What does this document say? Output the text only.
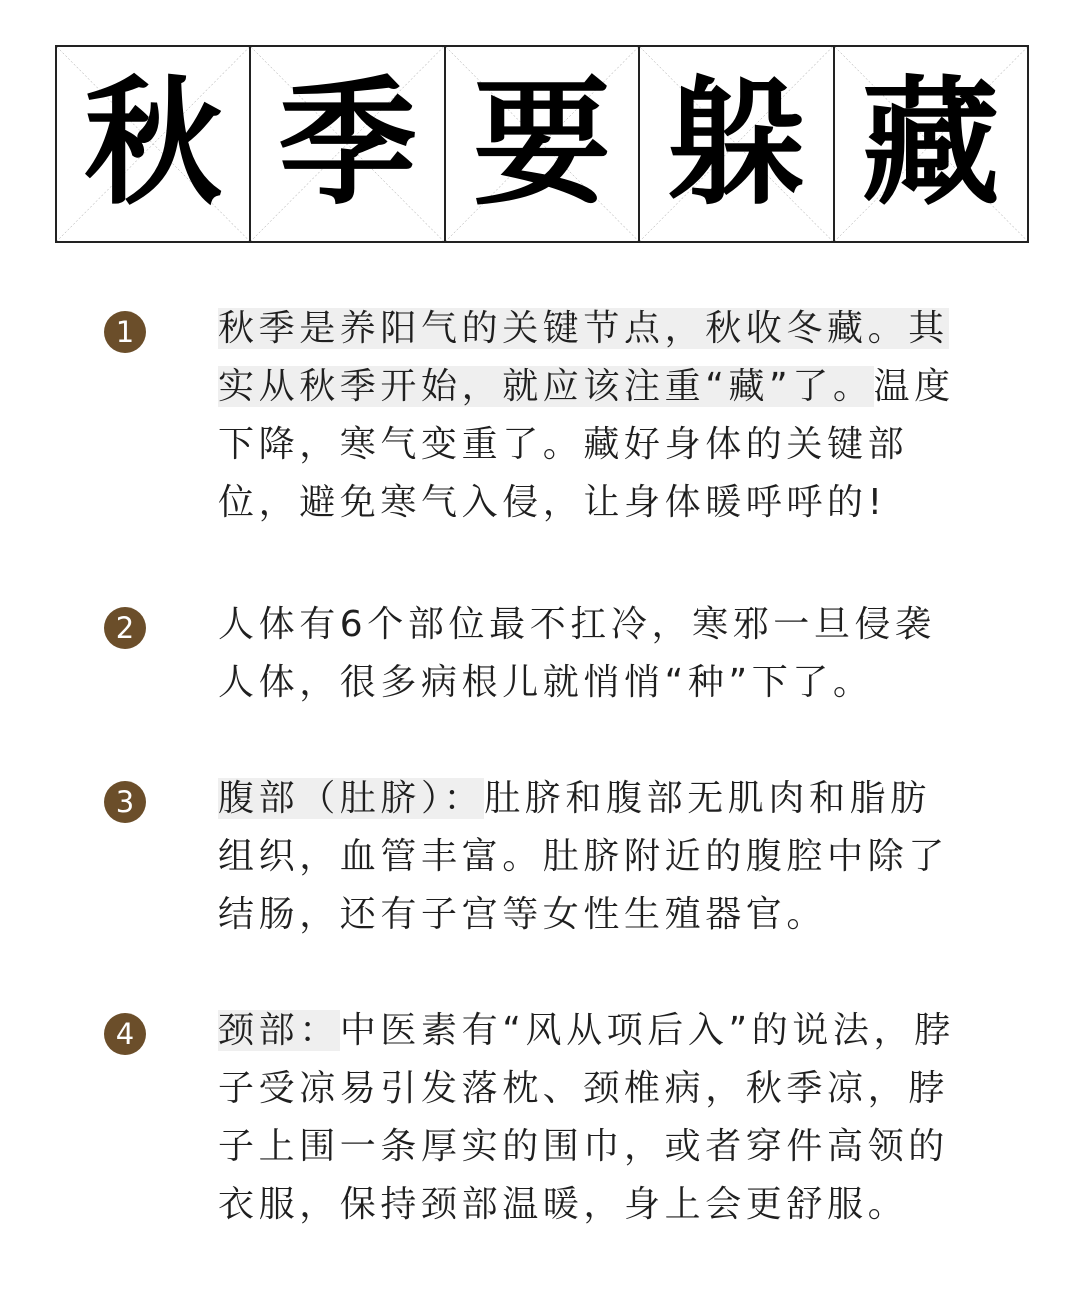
秋 季 要 躲 藏
1	秋季是养阳气的关键节点，秋收冬藏。其实从秋季开始，就应该注重“藏”了。温度下降，寒气变重了。藏好身体的关键部位，避免寒气入侵，让身体暖呼呼的!

2	人体有6个部位最不扛冷，寒邪一旦侵袭人体，很多病根儿就悄悄“种”下了。

3	腹部（肚脐）：肚脐和腹部无肌肉和脂肪组织，血管丰富。肚脐附近的腹腔中除了结肠，还有子宫等女性生殖器官。

4	颈部：中医素有“风从项后入”的说法，脖子受凉易引发落枕、颈椎病，秋季凉，脖子上围一条厚实的围巾，或者穿件高领的衣服，保持颈部温暖，身上会更舒服。
